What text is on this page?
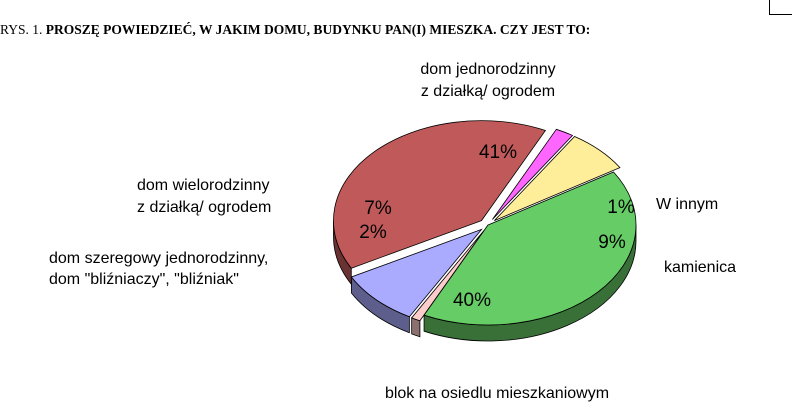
RYS. 1. PROSZĘ POWIEDZIEĆ, W JAKIM DOMU, BUDYNKU PAN(I) MIESZKA. CZY JEST TO:

41%
dom jednorodzinny
z działką/ ogrodem
1% W innym
9%
kamienica
40%
blok na osiedlu mieszkaniowym
2%
dom szeregowy jednorodzinny,
dom "bliźniaczy", "bliźniak"
7%
dom wielorodzinny
z działką/ ogrodem
